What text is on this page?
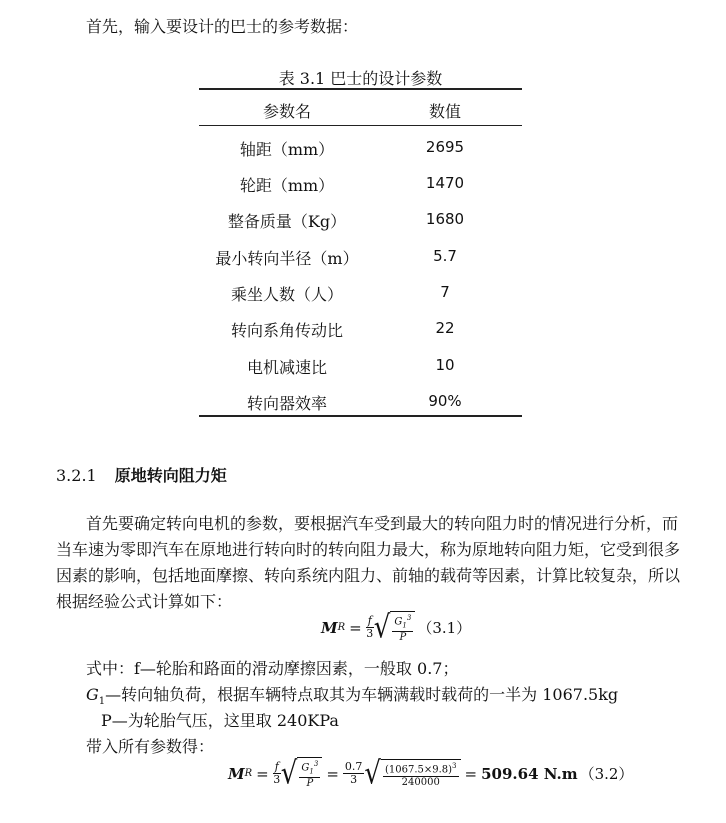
首先，输入要设计的巴士的参考数据：
表 3.1 巴士的设计参数
参数名	数值
轴距（mm）	2695
轮距（mm）	1470
整备质量（Kg）	1680
最小转向半径（m）	5.7
乘坐人数（人）	7
转向系角传动比	22
电机减速比	10
转向器效率	90%
3.2.1 原地转向阻力矩
首先要确定转向电机的参数，要根据汽车受到最大的转向阻力时的情况进行分析，而
当车速为零即汽车在原地进行转向时的转向阻力最大，称为原地转向阻力矩，它受到很多
因素的影响，包括地面摩擦、转向系统内阻力、前轴的载荷等因素，计算比较复杂，所以
根据经验公式计算如下：
M $R = \frac{f}{3}$ √ $\frac{G_1^3}{P} (3.1)$
式中：f—轮胎和路面的滑动摩擦因素，一般取 0.7；
$G_1—$转向轴负荷，根据车辆特点取其为车辆满载时载荷的一半为 1067.5kg
P—为轮胎气压，这里取 240KPa
带入所有参数得：
M $R = \frac{f}{3}$ √ $\frac{G_1^3}{P} = \frac{0.7}{3}$ √ $\frac{(1067.5\times 9.8)^3}{240000} = 509.64$ N.m （3.2）
